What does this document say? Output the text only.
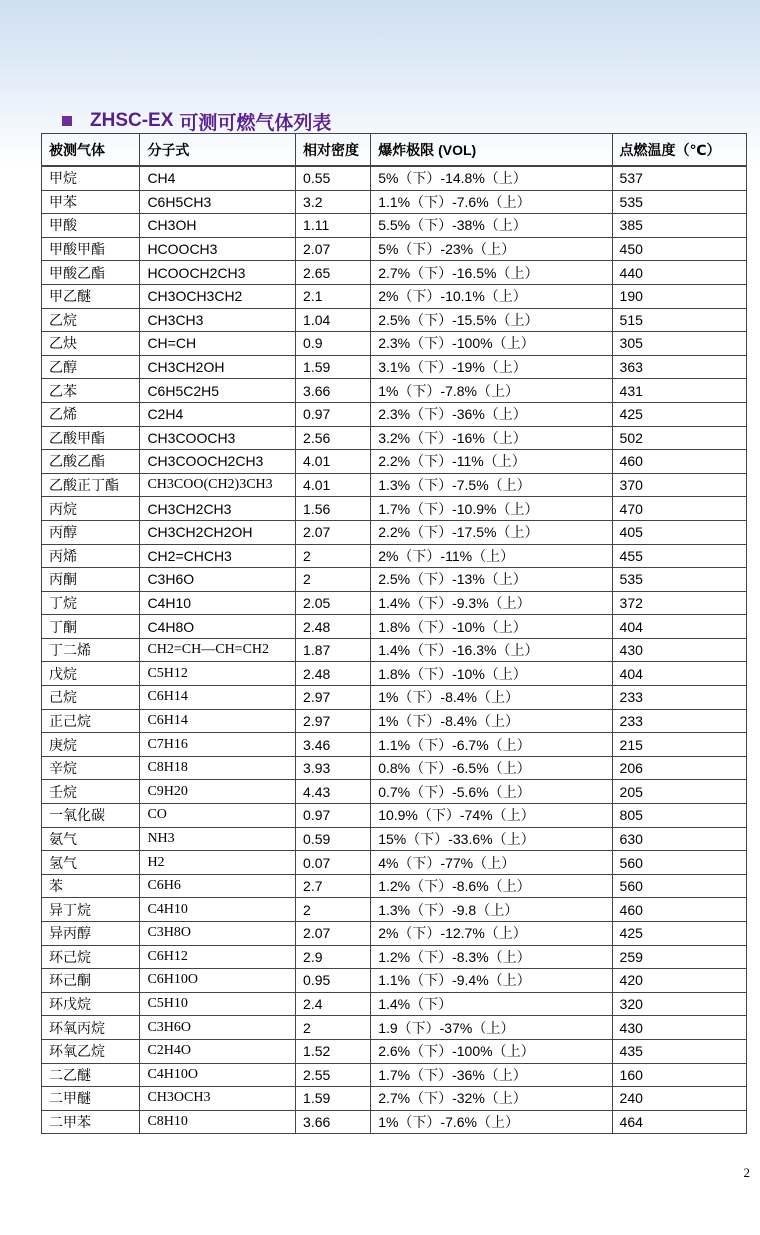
ZHSC-EX 可测可燃气体列表
被测气体	分子式	相对密度	爆炸极限 (VOL)	点燃温度（℃）
甲烷	CH4	0.55	5%（下）-14.8%（上）	537
甲苯	C6H5CH3	3.2	1.1%（下）-7.6%（上）	535
甲酸	CH3OH	1.11	5.5%（下）-38%（上）	385
甲酸甲酯	HCOOCH3	2.07	5%（下）-23%（上）	450
甲酸乙酯	HCOOCH2CH3	2.65	2.7%（下）-16.5%（上）	440
甲乙醚	CH3OCH3CH2	2.1	2%（下）-10.1%（上）	190
乙烷	CH3CH3	1.04	2.5%（下）-15.5%（上）	515
乙炔	CH=CH	0.9	2.3%（下）-100%（上）	305
乙醇	CH3CH2OH	1.59	3.1%（下）-19%（上）	363
乙苯	C6H5C2H5	3.66	1%（下）-7.8%（上）	431
乙烯	C2H4	0.97	2.3%（下）-36%（上）	425
乙酸甲酯	CH3COOCH3	2.56	3.2%（下）-16%（上）	502
乙酸乙酯	CH3COOCH2CH3	4.01	2.2%（下）-11%（上）	460
乙酸正丁酯	CH3COO(CH2)3CH3	4.01	1.3%（下）-7.5%（上）	370
丙烷	CH3CH2CH3	1.56	1.7%（下）-10.9%（上）	470
丙醇	CH3CH2CH2OH	2.07	2.2%（下）-17.5%（上）	405
丙烯	CH2=CHCH3	2	2%（下）-11%（上）	455
丙酮	C3H6O	2	2.5%（下）-13%（上）	535
丁烷	C4H10	2.05	1.4%（下）-9.3%（上）	372
丁酮	C4H8O	2.48	1.8%（下）-10%（上）	404
丁二烯	CH2=CH—CH=CH2	1.87	1.4%（下）-16.3%（上）	430
戊烷	C5H12	2.48	1.8%（下）-10%（上）	404
己烷	C6H14	2.97	1%（下）-8.4%（上）	233
正己烷	C6H14	2.97	1%（下）-8.4%（上）	233
庚烷	C7H16	3.46	1.1%（下）-6.7%（上）	215
辛烷	C8H18	3.93	0.8%（下）-6.5%（上）	206
壬烷	C9H20	4.43	0.7%（下）-5.6%（上）	205
一氧化碳	CO	0.97	10.9%（下）-74%（上）	805
氨气	NH3	0.59	15%（下）-33.6%（上）	630
氢气	H2	0.07	4%（下）-77%（上）	560
苯	C6H6	2.7	1.2%（下）-8.6%（上）	560
异丁烷	C4H10	2	1.3%（下）-9.8（上）	460
异丙醇	C3H8O	2.07	2%（下）-12.7%（上）	425
环己烷	C6H12	2.9	1.2%（下）-8.3%（上）	259
环己酮	C6H10O	0.95	1.1%（下）-9.4%（上）	420
环戊烷	C5H10	2.4	1.4%（下）	320
环氧丙烷	C3H6O	2	1.9（下）-37%（上）	430
环氧乙烷	C2H4O	1.52	2.6%（下）-100%（上）	435
二乙醚	C4H10O	2.55	1.7%（下）-36%（上）	160
二甲醚	CH3OCH3	1.59	2.7%（下）-32%（上）	240
二甲苯	C8H10	3.66	1%（下）-7.6%（上）	464
2
